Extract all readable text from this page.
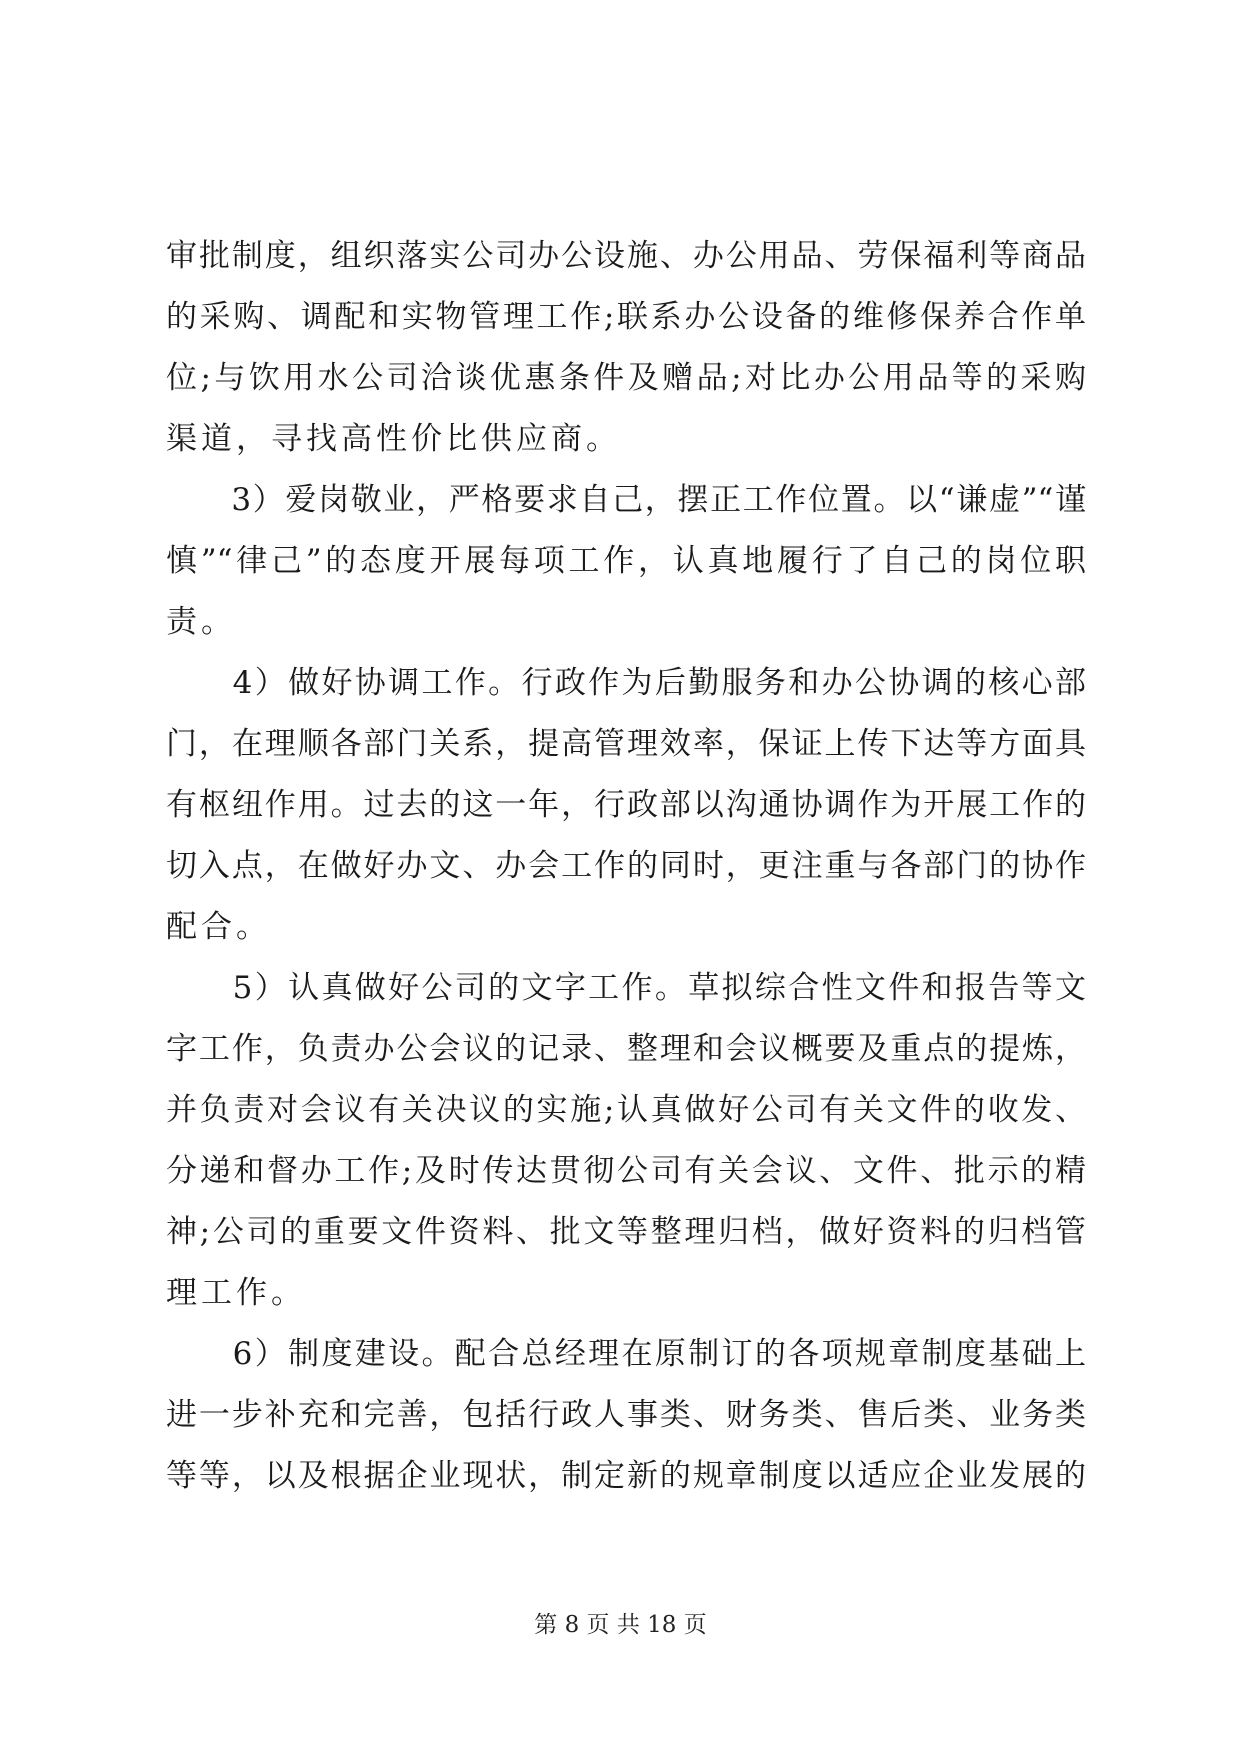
审批制度，组织落实公司办公设施、办公用品、劳保福利等商品
的采购、调配和实物管理工作;联系办公设备的维修保养合作单
位;与饮用水公司洽谈优惠条件及赠品;对比办公用品等的采购
渠道，寻找高性价比供应商。
　　3）爱岗敬业，严格要求自己，摆正工作位置。以“谦虚”“谨
慎”“律己”的态度开展每项工作，认真地履行了自己的岗位职
责。
　　4）做好协调工作。行政作为后勤服务和办公协调的核心部
门，在理顺各部门关系，提高管理效率，保证上传下达等方面具
有枢纽作用。过去的这一年，行政部以沟通协调作为开展工作的
切入点，在做好办文、办会工作的同时，更注重与各部门的协作
配合。
　　5）认真做好公司的文字工作。草拟综合性文件和报告等文
字工作，负责办公会议的记录、整理和会议概要及重点的提炼，
并负责对会议有关决议的实施;认真做好公司有关文件的收发、
分递和督办工作;及时传达贯彻公司有关会议、文件、批示的精
神;公司的重要文件资料、批文等整理归档，做好资料的归档管
理工作。
　　6）制度建设。配合总经理在原制订的各项规章制度基础上
进一步补充和完善，包括行政人事类、财务类、售后类、业务类
等等，以及根据企业现状，制定新的规章制度以适应企业发展的
第 8 页 共 18 页
